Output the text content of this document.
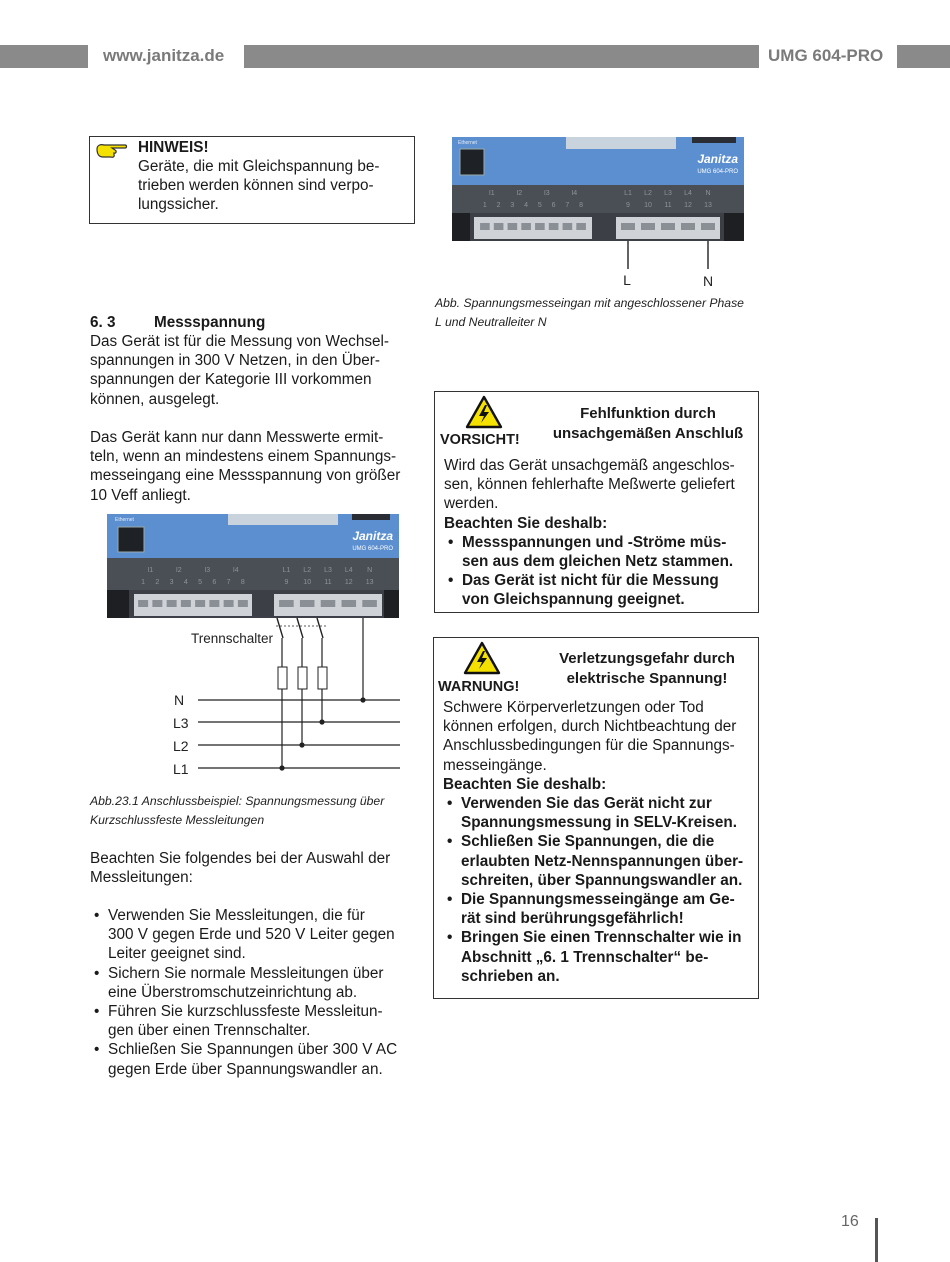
www.janitza.de	UMG 604-PRO
HINWEIS!
Geräte, die mit Gleichspannung be-
trieben werden können sind verpo-
lungssicher.
6. 3	Messspannung
Das Gerät ist für die Messung von Wechsel-
spannungen in 300 V Netzen, in den Über-
spannungen der Kategorie III vorkommen
können, ausgelegt.
Das Gerät kann nur dann Messwerte ermit-
teln, wenn an mindestens einem Spannungs-
messeingang eine Messspannung von größer
10 Veff anliegt.
Ethernet
Janitza
UMG 604-PRO
I1	I2	I3	I4
1 2 3 4 5 6 7 8
L1 L2 L3 L4 N
9 10 11 12 13
L	N
Abb. Spannungsmesseingan mit angeschlossener Phase
L und Neutralleiter N
Ethernet
Janitza
UMG 604-PRO
I1	I2	I3	I4
1 2 3 4 5 6 7 8
L1 L2 L3 L4 N
9 10 11 12 13
Trennschalter
N
L3
L2
L1
Abb.23.1 Anschlussbeispiel: Spannungsmessung über
Kurzschlussfeste Messleitungen
Beachten Sie folgendes bei der Auswahl der
Messleitungen:
• Verwenden Sie Messleitungen, die für
300 V gegen Erde und 520 V Leiter gegen
Leiter geeignet sind.
• Sichern Sie normale Messleitungen über
eine Überstromschutzeinrichtung ab.
• Führen Sie kurzschlussfeste Messleitun-
gen über einen Trennschalter.
• Schließen Sie Spannungen über 300 V AC
gegen Erde über Spannungswandler an.
VORSICHT!
Fehlfunktion durch
unsachgemäßen Anschluß
Wird das Gerät unsachgemäß angeschlos-
sen, können fehlerhafte Meßwerte geliefert
werden.
Beachten Sie deshalb:
• Messspannungen und -Ströme müs-
sen aus dem gleichen Netz stammen.
• Das Gerät ist nicht für die Messung
von Gleichspannung geeignet.
WARNUNG!
Verletzungsgefahr durch
elektrische Spannung!
Schwere Körperverletzungen oder Tod
können erfolgen, durch Nichtbeachtung der
Anschlussbedingungen für die Spannungs-
messeingänge.
Beachten Sie deshalb:
• Verwenden Sie das Gerät nicht zur
Spannungsmessung in SELV-Kreisen.
• Schließen Sie Spannungen, die die
erlaubten Netz-Nennspannungen über-
schreiten, über Spannungswandler an.
• Die Spannungsmesseingänge am Ge-
rät sind berührungsgefährlich!
• Bringen Sie einen Trennschalter wie in
Abschnitt „6. 1 Trennschalter“ be-
schrieben an.
16
